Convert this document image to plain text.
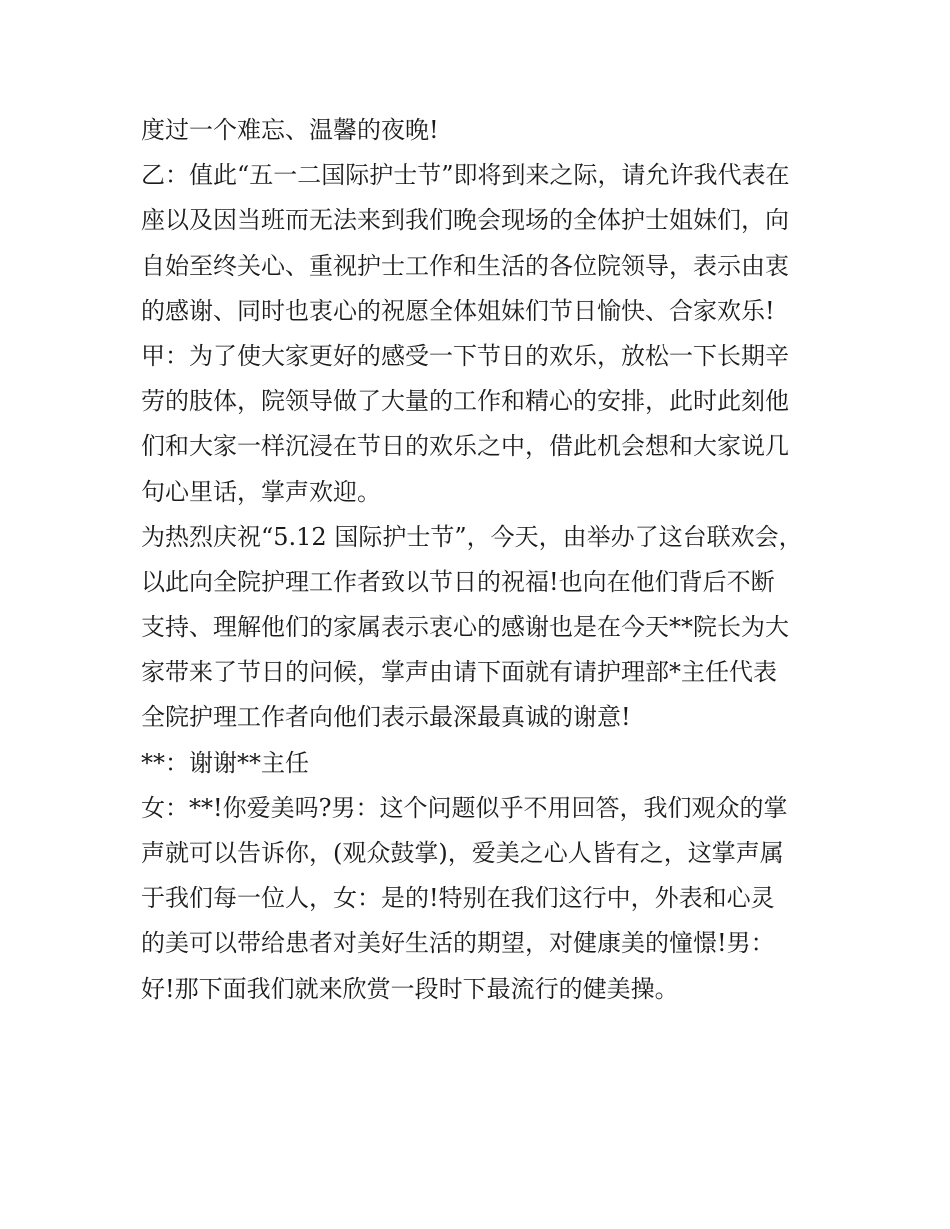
度过一个难忘、温馨的夜晚!
乙：值此“五一二国际护士节”即将到来之际，请允许我代表在
座以及因当班而无法来到我们晚会现场的全体护士姐妹们，向
自始至终关心、重视护士工作和生活的各位院领导，表示由衷
的感谢、同时也衷心的祝愿全体姐妹们节日愉快、合家欢乐!
甲：为了使大家更好的感受一下节日的欢乐，放松一下长期辛
劳的肢体，院领导做了大量的工作和精心的安排，此时此刻他
们和大家一样沉浸在节日的欢乐之中，借此机会想和大家说几
句心里话，掌声欢迎。
为热烈庆祝“5.12 国际护士节”，今天，由举办了这台联欢会，
以此向全院护理工作者致以节日的祝福!也向在他们背后不断
支持、理解他们的家属表示衷心的感谢也是在今天**院长为大
家带来了节日的问候，掌声由请下面就有请护理部*主任代表
全院护理工作者向他们表示最深最真诚的谢意!
**：谢谢**主任
女：**!你爱美吗?男：这个问题似乎不用回答，我们观众的掌
声就可以告诉你，(观众鼓掌)，爱美之心人皆有之，这掌声属
于我们每一位人，女：是的!特别在我们这行中，外表和心灵
的美可以带给患者对美好生活的期望，对健康美的憧憬!男：
好!那下面我们就来欣赏一段时下最流行的健美操。
